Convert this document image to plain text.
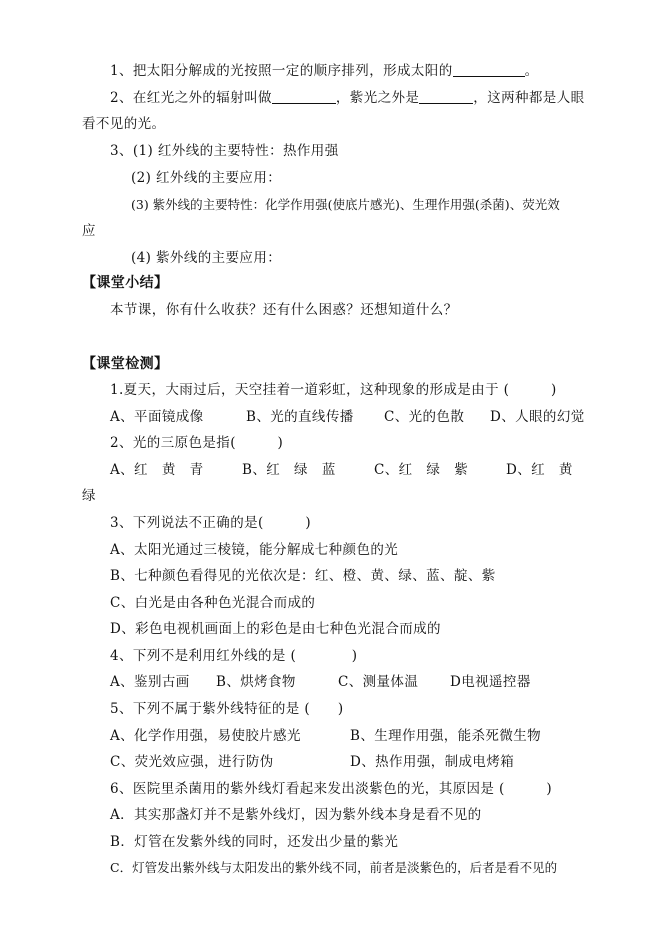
1、把太阳分解成的光按照一定的顺序排列，形成太阳的	。
2、在红光之外的辐射叫做	，紫光之外是	，这两种都是人眼
看不见的光。
3、(1) 红外线的主要特性：热作用强
(2) 红外线的主要应用：
(3) 紫外线的主要特性：化学作用强(使底片感光)、生理作用强(杀菌)、荧光效
应
(4) 紫外线的主要应用：
【课堂小结】
本节课，你有什么收获？还有什么困惑？还想知道什么？
【课堂检测】
1.夏天，大雨过后，天空挂着一道彩虹，这种现象的形成是由于 (　　　)
A、平面镜成像	B、光的直线传播 C、光的色散 D、人眼的幻觉
2、光的三原色是指(　　　)
A、红　黄　青	B、红　绿　蓝	C、红　绿　紫	D、红　黄
绿
3、下列说法不正确的是(　　　)
A、太阳光通过三棱镜，能分解成七种颜色的光
B、七种颜色看得见的光依次是：红、橙、黄、绿、蓝、靛、紫
C、白光是由各种色光混合而成的
D、彩色电视机画面上的彩色是由七种色光混合而成的
4、下列不是利用红外线的是 (　　　　)
A、鉴别古画 B、烘烤食物	C、测量体温 D电视遥控器
5、下列不属于紫外线特征的是 (　　)
A、化学作用强，易使胶片感光	B、生理作用强，能杀死微生物
C、荧光效应强，进行防伪	D、热作用强，制成电烤箱
6、医院里杀菌用的紫外线灯看起来发出淡紫色的光，其原因是 (　　　)
A．其实那盏灯并不是紫外线灯，因为紫外线本身是看不见的
B．灯管在发紫外线的同时，还发出少量的紫光
C．灯管发出紫外线与太阳发出的紫外线不同，前者是淡紫色的，后者是看不见的
